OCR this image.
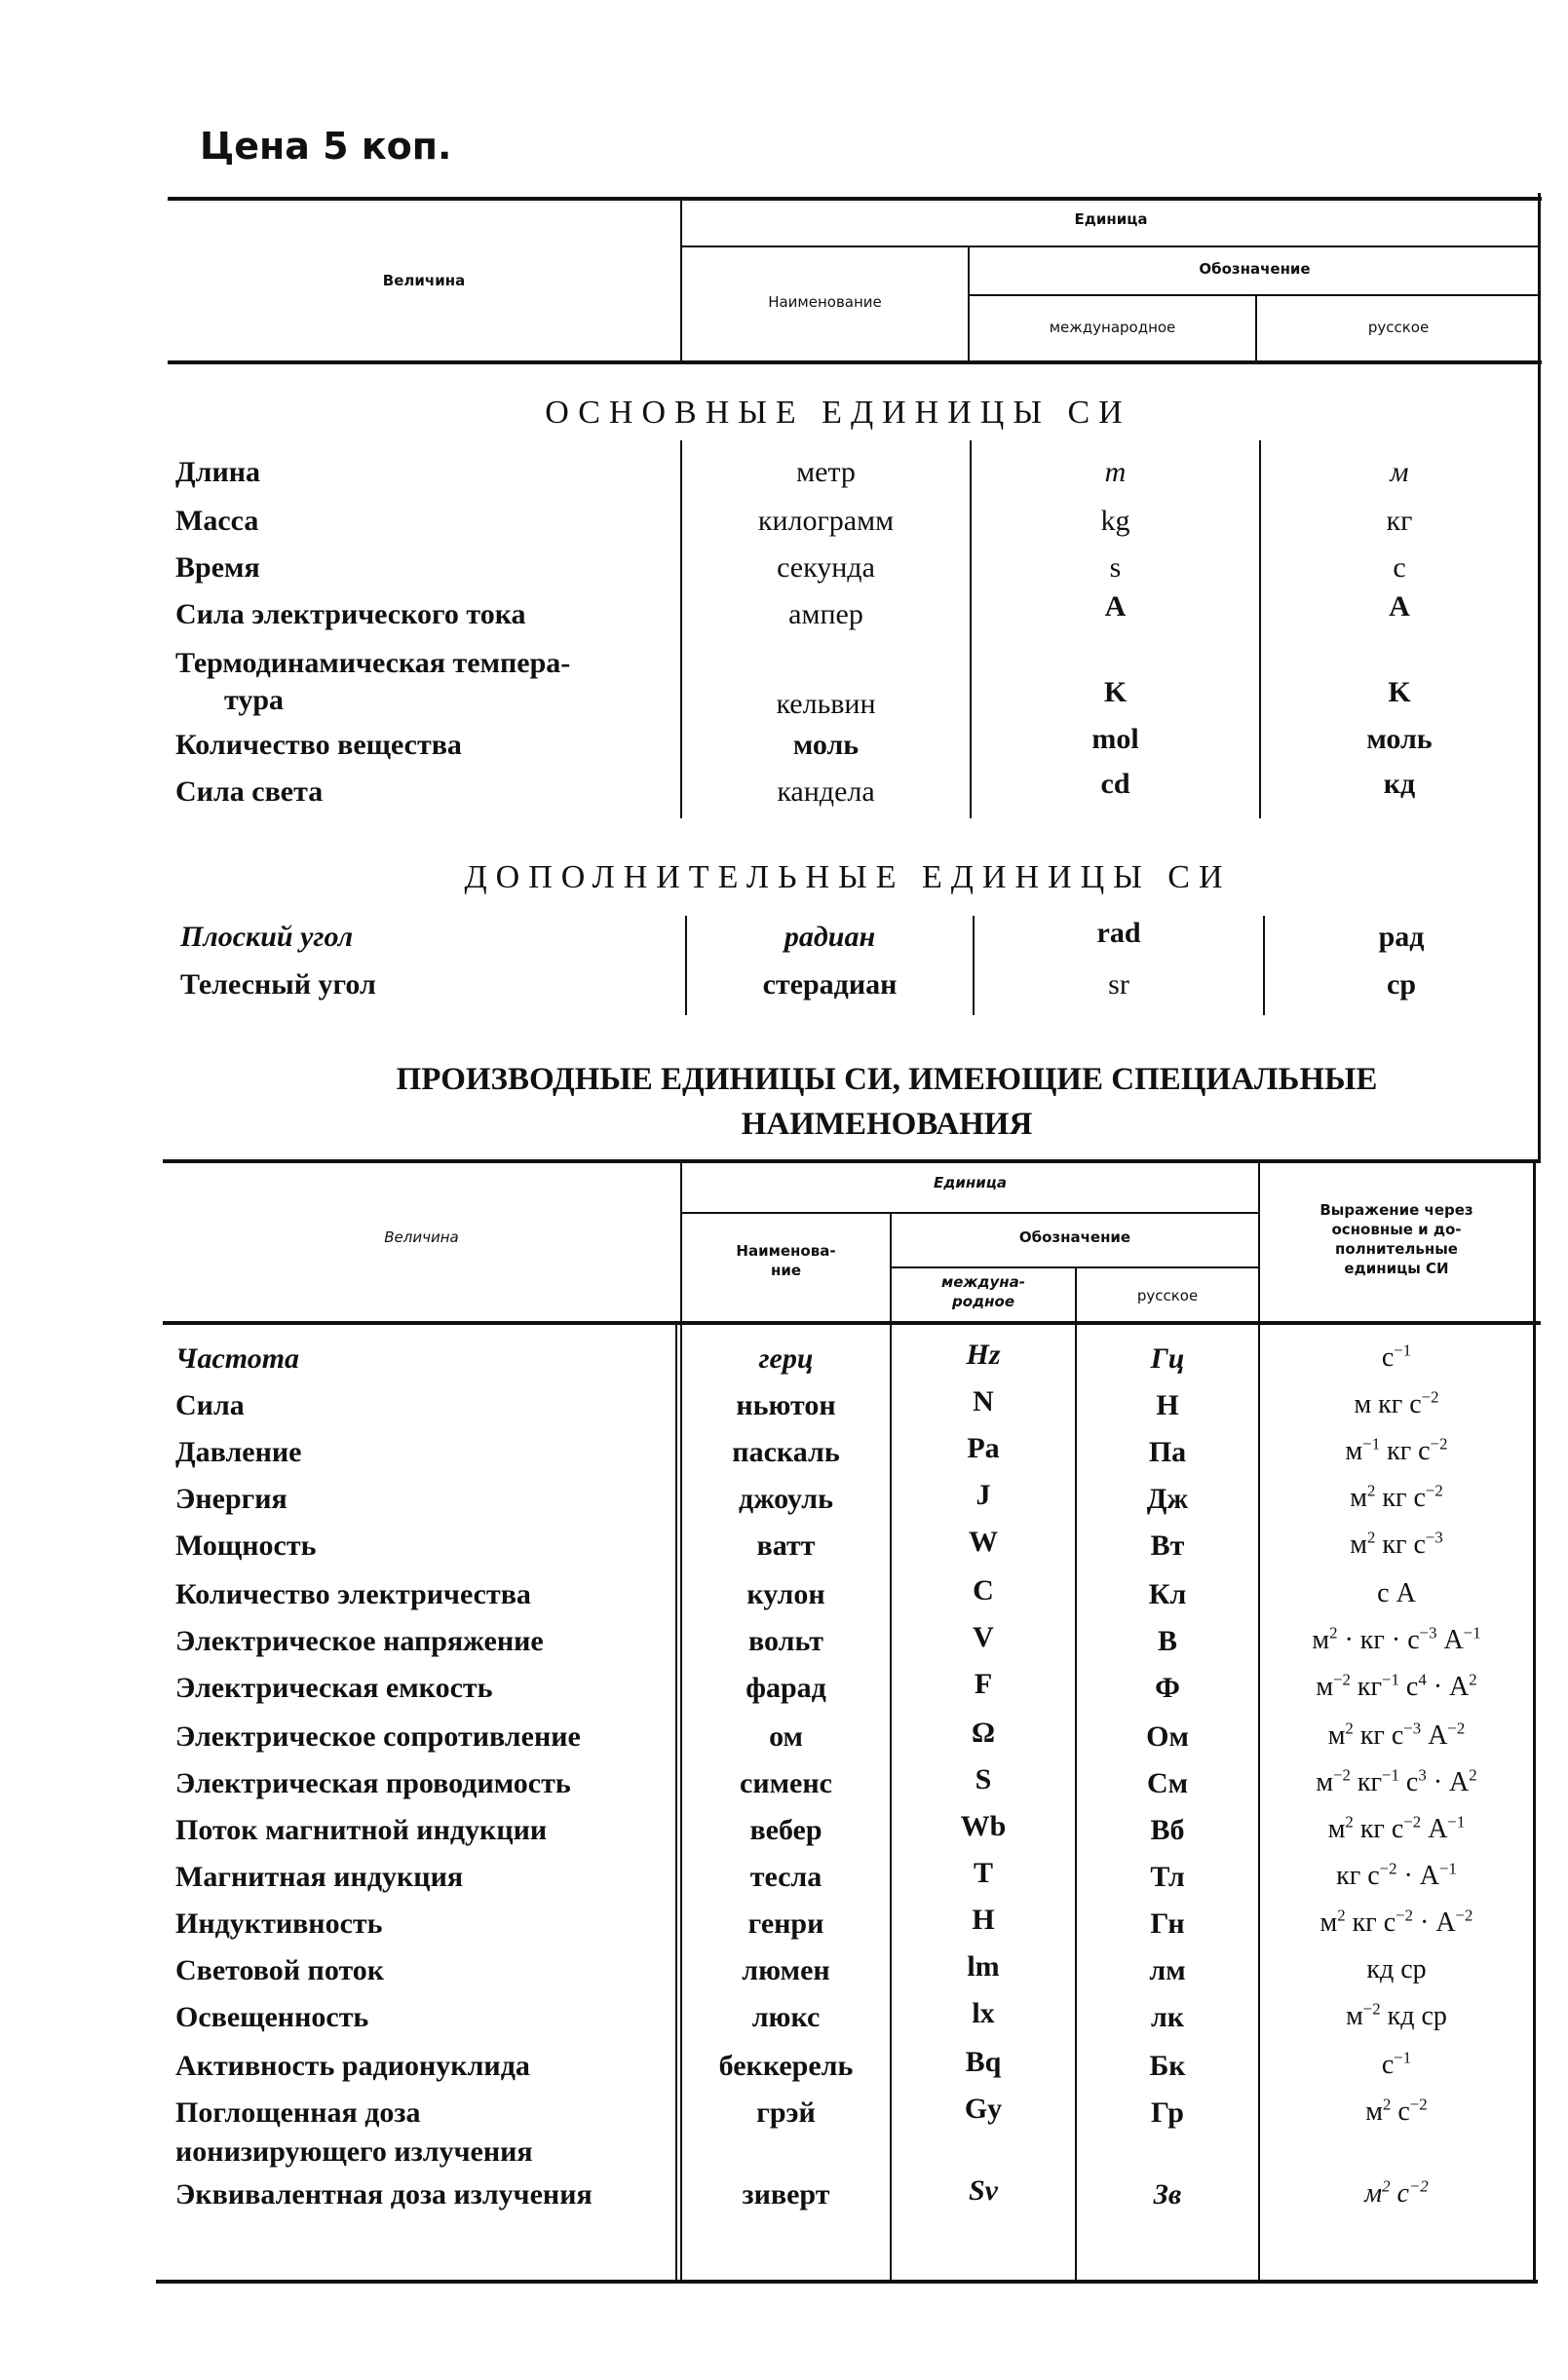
Цена 5 коп.
Величина
Единица
Наименование
Обозначение
международное	русское
ОСНОВНЫЕ ЕДИНИЦЫ СИ
Длина	метр	m	м
Масса	килограмм	kg	кг
Время	секунда	s	с
Сила электрического тока	ампер	A	A
Термодинамическая темпера-
тура	кельвин	K	K
Количество вещества	моль	mol	моль
Сила света	кандела	cd	кд
ДОПОЛНИТЕЛЬНЫЕ ЕДИНИЦЫ СИ
Плоский угол	радиан	rad	рад
Телесный угол	стерадиан	sr	ср
ПРОИЗВОДНЫЕ ЕДИНИЦЫ СИ, ИМЕЮЩИЕ СПЕЦИАЛЬНЫЕ
НАИМЕНОВАНИЯ
Величина
Единица
Наименова-
ние
Обозначение
междуна-
родное	русское
Выражение через
основные и до-
полнительные
единицы СИ
Частота	герц	Hz	Гц	$с^{-1}$
Сила	ньютон	N	Н	м кг $с^{-2}$
Давление	паскаль	Pa	Па	$м^{-1}$ кг $с^{-2}$
Энергия	джоуль	J	Дж	$м^2$ кг $с^{-2}$
Мощность	ватт	W	Вт	$м^2$ кг $с^{-3}$
Количество электричества	кулон	C	Кл	с A
Электрическое напряжение	вольт	V	В	$м^2$ · кг · $с^{-3}$ $A^{-1}$
Электрическая емкость	фарад	F	Ф	$м^{-2}$ $кг^{-1}$ $с^4 \cdot A^2$
Электрическое сопротивление	ом	Ω	Ом	$м^2$ кг $с^{-3}$ $A^{-2}$
Электрическая проводимость	сименс	S	См	$м^{-2}$ $кг^{-1}$ $с^3 \cdot A^2$
Поток магнитной индукции	вебер	Wb	Вб	$м^2$ кг $с^{-2}$ $A^{-1}$
Магнитная индукция	тесла	T	Тл	кг $с^{-2} \cdot A^{-1}$
Индуктивность	генри	H	Гн	$м^2$ кг $с^{-2} \cdot A^{-2}$
Световой поток	люмен	lm	лм	кд ср
Освещенность	люкс	lx	лк	$м^{-2}$ кд ср
Активность радионуклида	беккерель	Bq	Бк	$с^{-1}$
Поглощенная доза
ионизирующего излучения
грэй	Gy	Гр	$м^2$ $с^{-2}$
Эквивалентная доза излучения	зиверт	Sv	Зв	$м^2$ $с^{-2}$
